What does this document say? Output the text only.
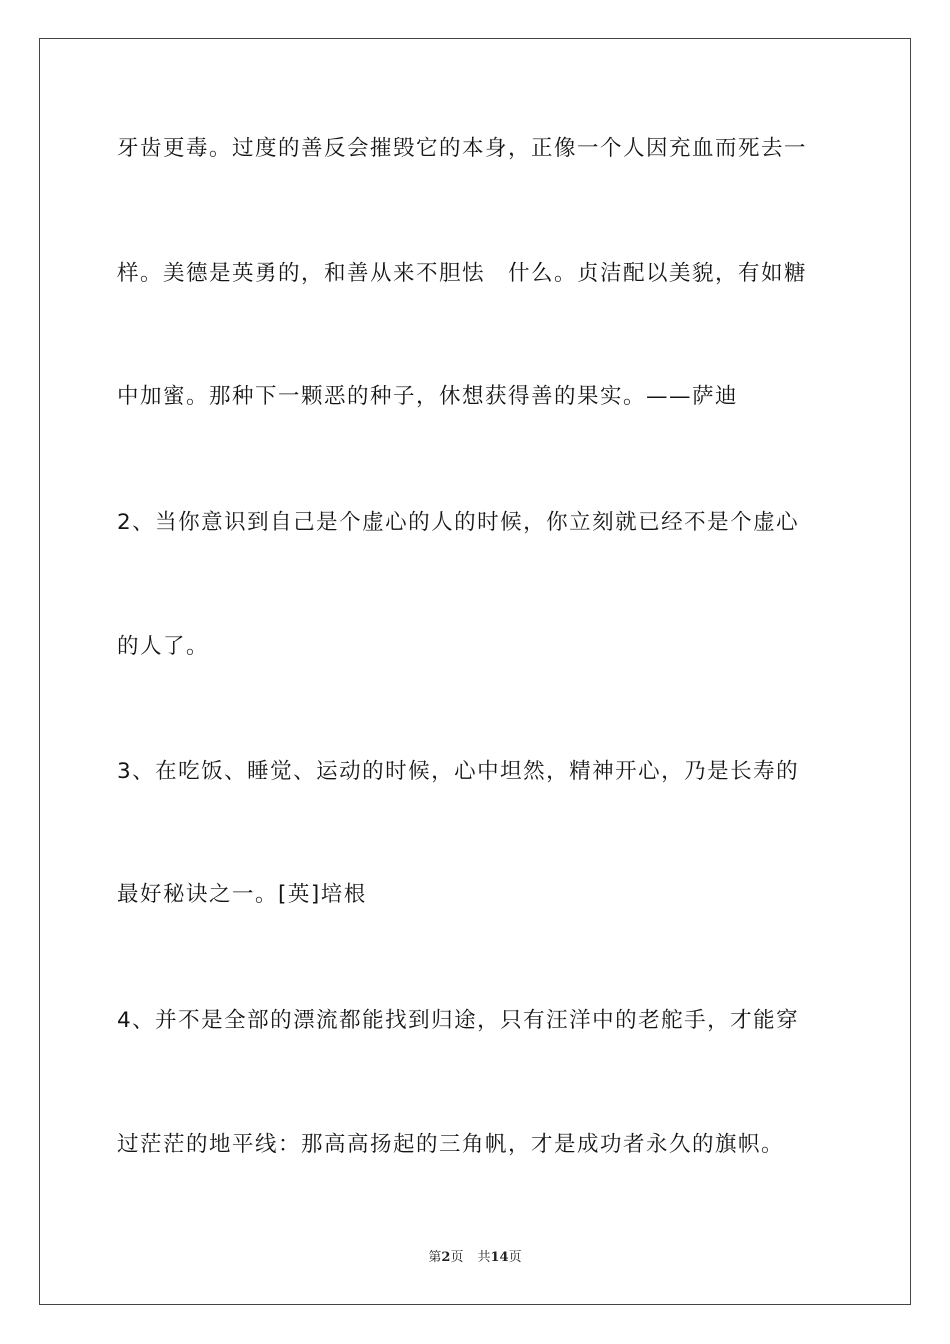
牙齿更毒。过度的善反会摧毁它的本身，正像一个人因充血而死去一
样。美德是英勇的，和善从来不胆怯　什么。贞洁配以美貌，有如糖
中加蜜。那种下一颗恶的种子，休想获得善的果实。——萨迪
2、当你意识到自己是个虚心的人的时候，你立刻就已经不是个虚心
的人了。
3、在吃饭、睡觉、运动的时候，心中坦然，精神开心，乃是长寿的
最好秘诀之一。[英]培根
4、并不是全部的漂流都能找到归途，只有汪洋中的老舵手，才能穿
过茫茫的地平线：那高高扬起的三角帆，才是成功者永久的旗帜。
第2页 共14页
